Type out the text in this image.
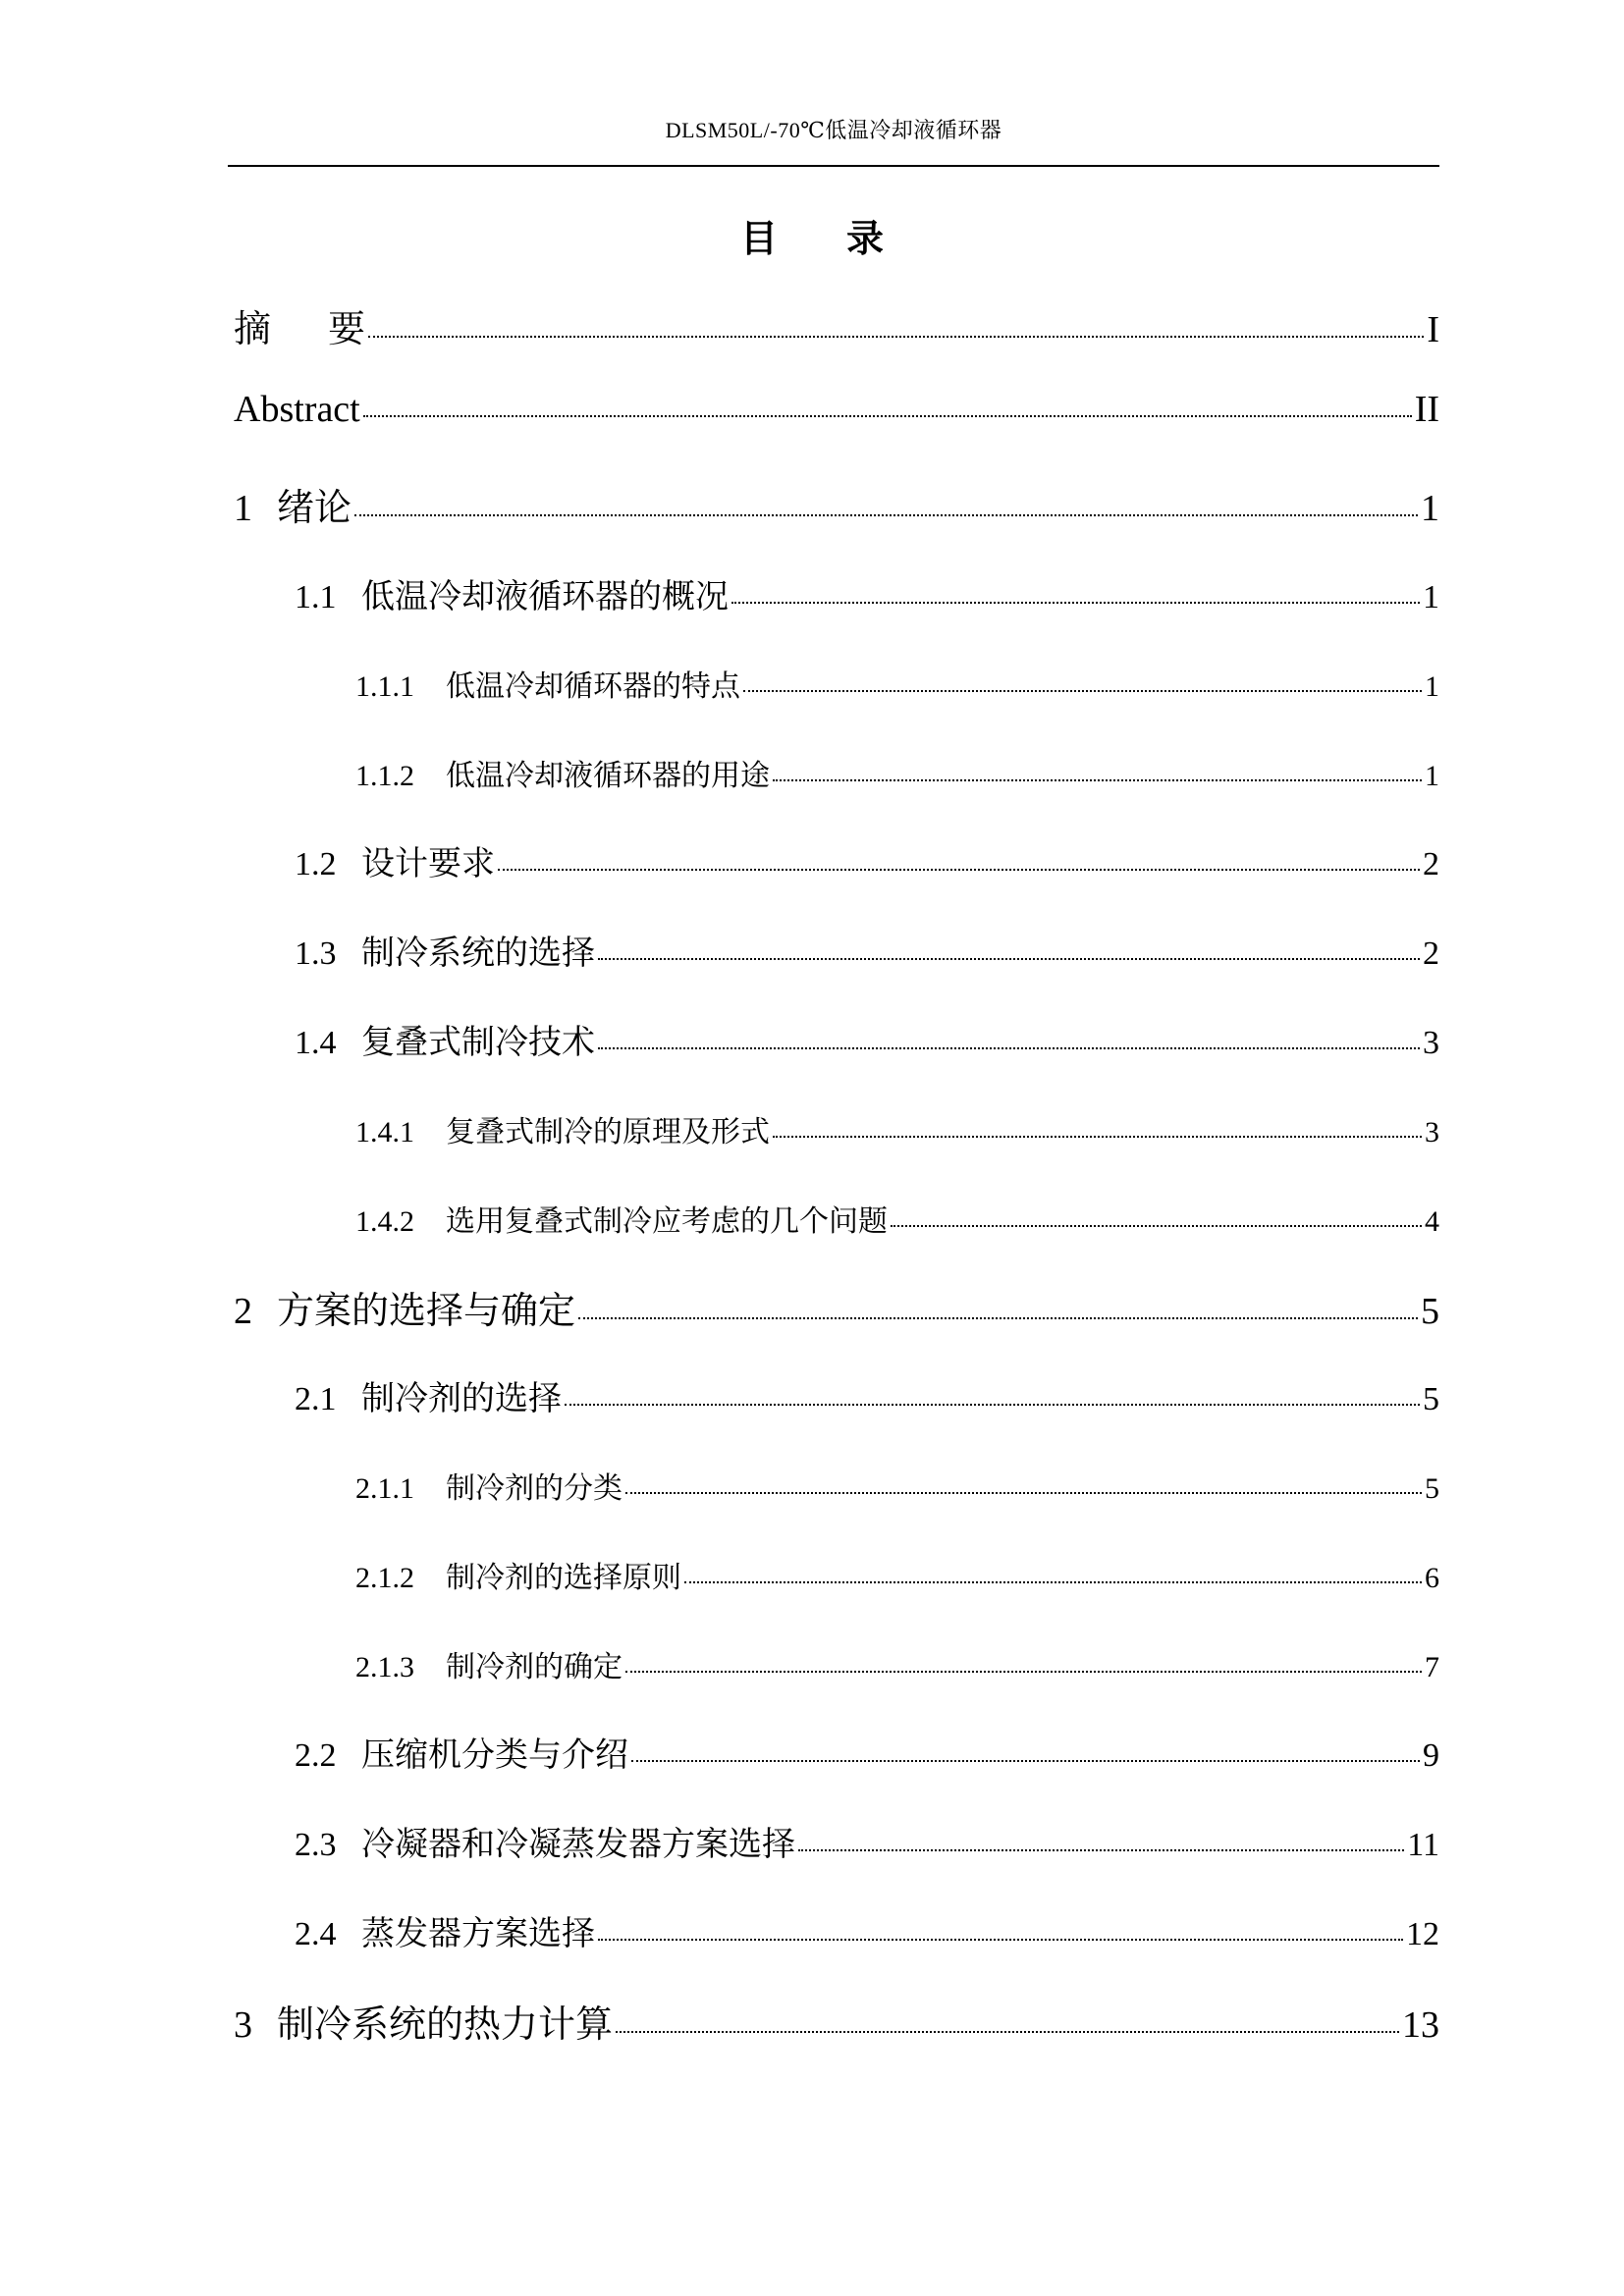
DLSM50L/-70℃低温冷却液循环器
目 录
摘 要	I
Abstract	II
1 绪论	1
1.1 低温冷却液循环器的概况	1
1.1.1	低温冷却循环器的特点	1
1.1.2	低温冷却液循环器的用途	1
1.2 设计要求	2
1.3 制冷系统的选择	2
1.4 复叠式制冷技术	3
1.4.1	复叠式制冷的原理及形式	3
1.4.2	选用复叠式制冷应考虑的几个问题	4
2 方案的选择与确定	5
2.1 制冷剂的选择	5
2.1.1	制冷剂的分类	5
2.1.2	制冷剂的选择原则	6
2.1.3	制冷剂的确定	7
2.2 压缩机分类与介绍	9
2.3 冷凝器和冷凝蒸发器方案选择	11
2.4 蒸发器方案选择	12
3 制冷系统的热力计算	13
